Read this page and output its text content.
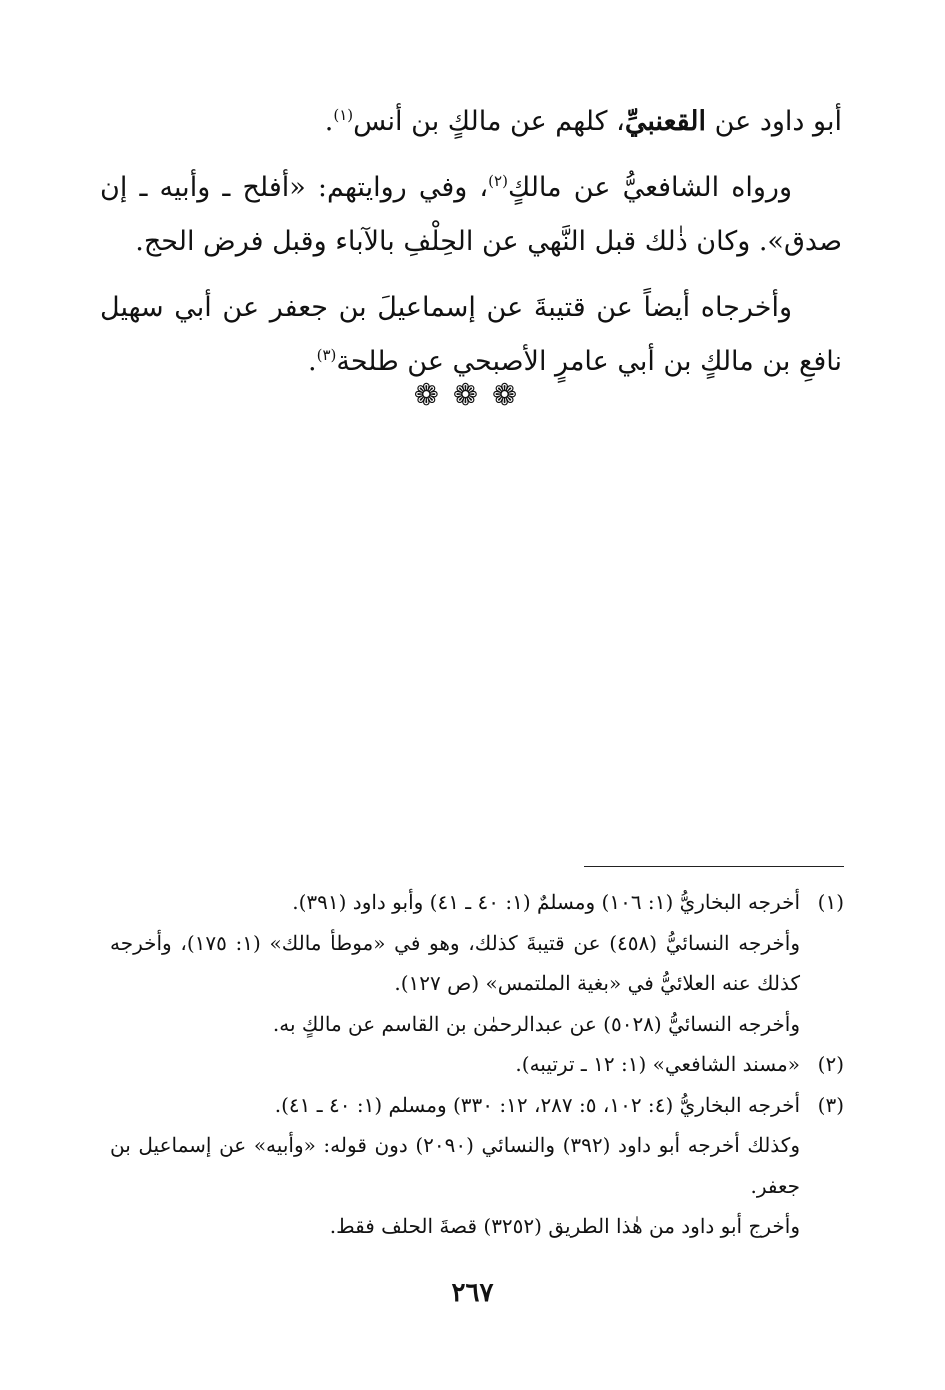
أبو داود عن القعنبيِّ، كلهم عن مالكٍ بن أنس$^{(١)}$.

ورواه الشافعيُّ عن مالكٍ$^{(٢)}$، وفي روايتهم: «أفلح ـ وأبيه ـ إن صدق». وكان ذٰلك قبل النَّهي عن الحِلْفِ بالآباء وقبل فرض الحج.

وأخرجاه أيضاً عن قتيبةَ عن إسماعيلَ بن جعفر عن أبي سهيل نافعِ بن مالكٍ بن أبي عامرٍ الأصبحي عن طلحة$^{(٣)}$.

❁❁❁

(١)أخرجه البخاريُّ (١: ١٠٦) ومسلمٌ (١: ٤٠ ـ ٤١) وأبو داود (٣٩١).

وأخرجه النسائيُّ (٤٥٨) عن قتيبةَ كذلك، وهو في «موطأ مالك» (١: ١٧٥)، وأخرجه كذلك عنه العلائيُّ في «بغية الملتمس» (ص ١٢٧).

وأخرجه النسائيُّ (٥٠٢٨) عن عبدالرحمٰن بن القاسم عن مالكٍ به.

(٢)«مسند الشافعي» (١: ١٢ ـ ترتيبه).

(٣)أخرجه البخاريُّ (٤: ١٠٢، ٥: ٢٨٧، ١٢: ٣٣٠) ومسلم (١: ٤٠ ـ ٤١).

وكذلك أخرجه أبو داود (٣٩٢) والنسائي (٢٠٩٠) دون قوله: «وأبيه» عن إسماعيل بن جعفر.

وأخرج أبو داود من هٰذا الطريق (٣٢٥٢) قصةَ الحلف فقط.

٢٦٧
